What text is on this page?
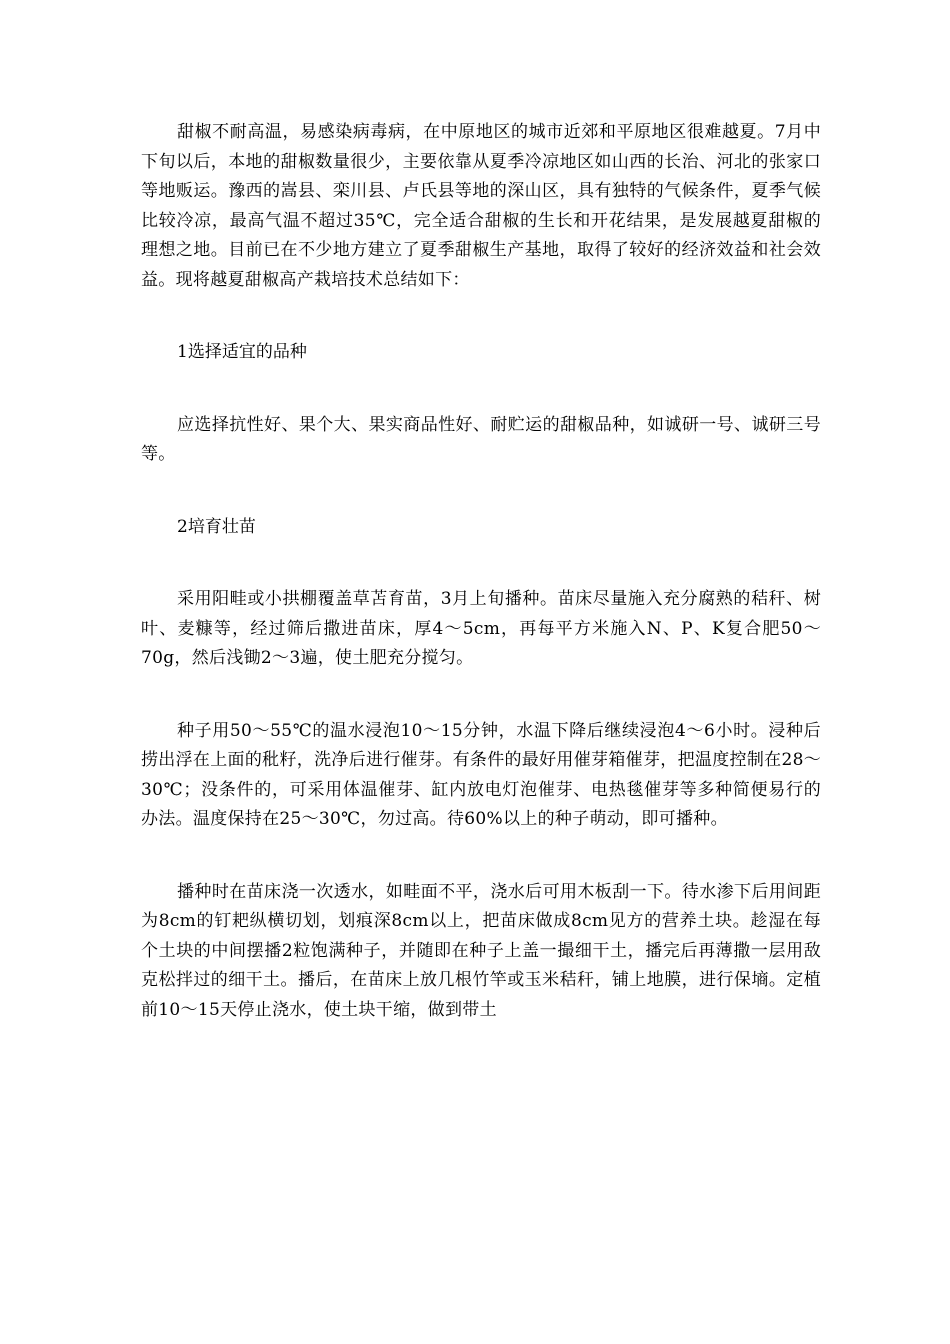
甜椒不耐高温，易感染病毒病，在中原地区的城市近郊和平原地区很难越夏。7月中下旬以后，本地的甜椒数量很少，主要依靠从夏季冷凉地区如山西的长治、河北的张家口等地贩运。豫西的嵩县、栾川县、卢氏县等地的深山区，具有独特的气候条件，夏季气候比较冷凉，最高气温不超过35℃，完全适合甜椒的生长和开花结果，是发展越夏甜椒的理想之地。目前已在不少地方建立了夏季甜椒生产基地，取得了较好的经济效益和社会效益。现将越夏甜椒高产栽培技术总结如下：

1选择适宜的品种

应选择抗性好、果个大、果实商品性好、耐贮运的甜椒品种，如诚研一号、诚研三号等。

2培育壮苗

采用阳畦或小拱棚覆盖草苫育苗，3月上旬播种。苗床尽量施入充分腐熟的秸秆、树叶、麦糠等，经过筛后撒进苗床，厚4～5cm，再每平方米施入N、P、K复合肥50～70g，然后浅锄2～3遍，使土肥充分搅匀。

种子用50～55℃的温水浸泡10～15分钟，水温下降后继续浸泡4～6小时。浸种后捞出浮在上面的秕籽，洗净后进行催芽。有条件的最好用催芽箱催芽，把温度控制在28～30℃；没条件的，可采用体温催芽、缸内放电灯泡催芽、电热毯催芽等多种简便易行的办法。温度保持在25～30℃，勿过高。待60%以上的种子萌动，即可播种。

播种时在苗床浇一次透水，如畦面不平，浇水后可用木板刮一下。待水渗下后用间距为8cm的钉耙纵横切划，划痕深8cm以上，把苗床做成8cm见方的营养土块。趁湿在每个土块的中间摆播2粒饱满种子，并随即在种子上盖一撮细干土，播完后再薄撒一层用敌克松拌过的细干土。播后，在苗床上放几根竹竿或玉米秸秆，铺上地膜，进行保墒。定植前10～15天停止浇水，使土块干缩，做到带土
